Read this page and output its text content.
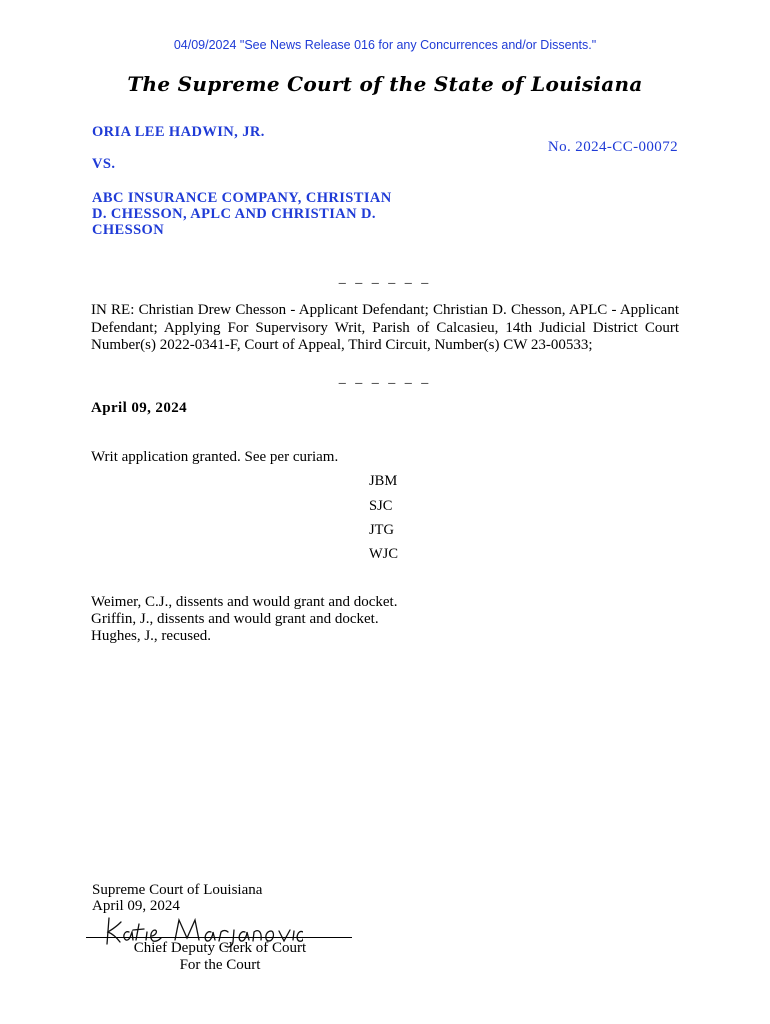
04/09/2024 "See News Release 016 for any Concurrences and/or Dissents."
The Supreme Court of the State of Louisiana
ORIA LEE HADWIN, JR.
No. 2024-CC-00072
VS.
ABC INSURANCE COMPANY, CHRISTIAN
D. CHESSON, APLC AND CHRISTIAN D.
CHESSON
_ _ _ _ _ _
IN RE: Christian Drew Chesson - Applicant Defendant; Christian D. Chesson, APLC - Applicant Defendant; Applying For Supervisory Writ, Parish of Calcasieu, 14th Judicial District Court Number(s) 2022-0341-F, Court of Appeal, Third Circuit, Number(s) CW 23-00533;
_ _ _ _ _ _
April 09, 2024
Writ application granted. See per curiam.
JBM
SJC
JTG
WJC
Weimer, C.J., dissents and would grant and docket.
Griffin, J., dissents and would grant and docket.
Hughes, J., recused.
Supreme Court of Louisiana
April 09, 2024
Chief Deputy Clerk of Court
For the Court
